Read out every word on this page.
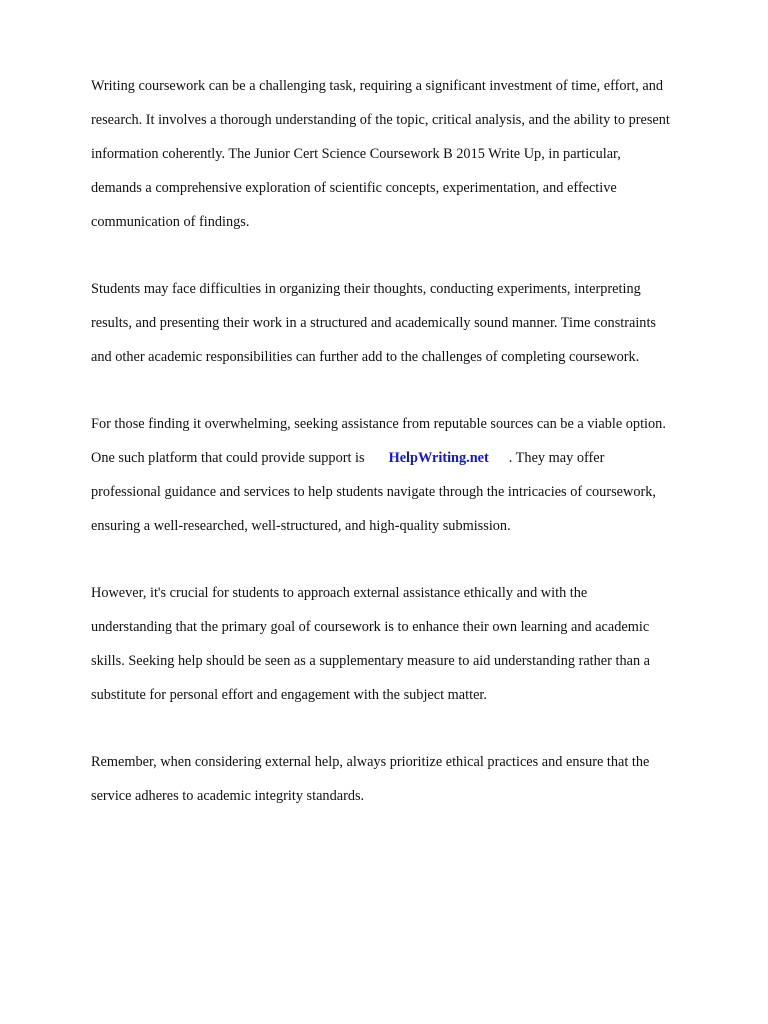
Writing coursework can be a challenging task, requiring a significant investment of time, effort, and

research. It involves a thorough understanding of the topic, critical analysis, and the ability to present

information coherently. The Junior Cert Science Coursework B 2015 Write Up, in particular,

demands a comprehensive exploration of scientific concepts, experimentation, and effective

communication of findings.

Students may face difficulties in organizing their thoughts, conducting experiments, interpreting

results, and presenting their work in a structured and academically sound manner. Time constraints

and other academic responsibilities can further add to the challenges of completing coursework.

For those finding it overwhelming, seeking assistance from reputable sources can be a viable option.

One such platform that could provide support is HelpWriting.net . They may offer

professional guidance and services to help students navigate through the intricacies of coursework,

ensuring a well-researched, well-structured, and high-quality submission.

However, it's crucial for students to approach external assistance ethically and with the

understanding that the primary goal of coursework is to enhance their own learning and academic

skills. Seeking help should be seen as a supplementary measure to aid understanding rather than a

substitute for personal effort and engagement with the subject matter.

Remember, when considering external help, always prioritize ethical practices and ensure that the

service adheres to academic integrity standards.
